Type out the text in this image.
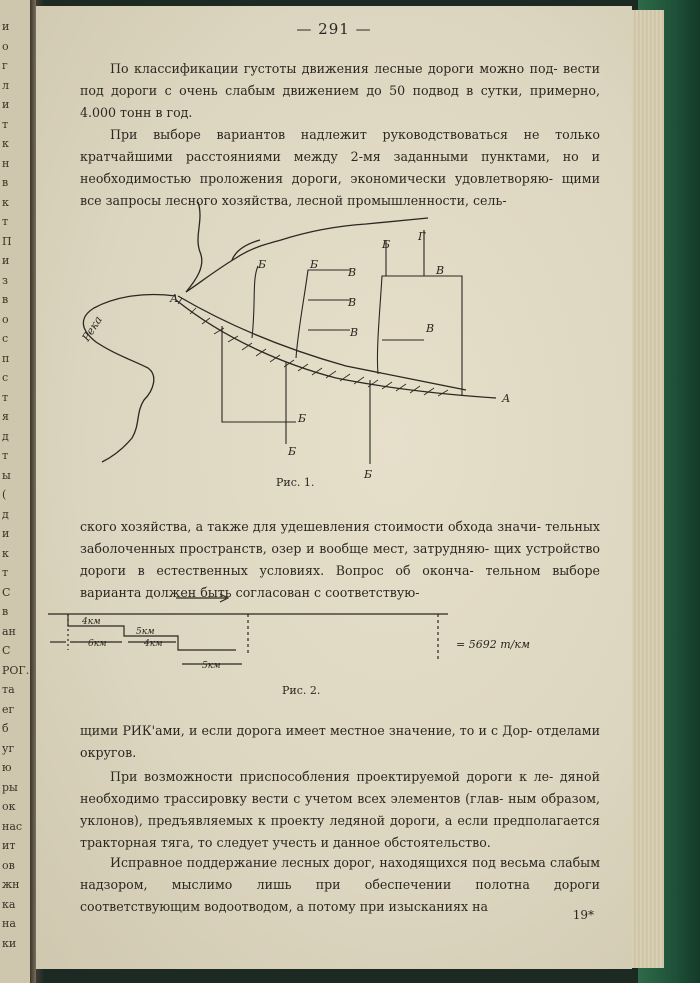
и
о
г
л
и
т
к
н
в
к
т
П
и
з
в
о
с
п
с
т
я
д
т
ы
(
д
и
к
т
С
в
ан
С
РОГ.
та
ег
б
уг
ю
ры
ок
нас
ит
ов
жн
ка
на
ки
— 291 —

По классификации густоты движения лесные дороги можно под- вести под дороги с очень слабым движением до 50 подвод в сутки, примерно, 4.000 тонн в год.

При выборе вариантов надлежит руководствоваться не только кратчайшими расстояниями между 2-мя заданными пунктами, но и необходимостью проложения дороги, экономически удовлетворяю- щими все запросы лесного хозяйства, лесной промышленности, сель-

Река
А
А
Б	Б
Б
Б
Б
Б
Г
В
В
В
В
В
Рис. 1.

ского хозяйства, а также для удешевления стоимости обхода значи- тельных заболоченных пространств, озер и вообще мест, затрудняю- щих устройство дороги в естественных условиях. Вопрос об оконча- тельном выборе варианта должен быть согласован с соответствую-

4км
5км
6км	4км
5км
= 5692 т/км
Рис. 2.

щими РИК'ами, и если дорога имеет местное значение, то и с Дор- отделами округов.

При возможности приспособления проектируемой дороги к ле- дяной необходимо трассировку вести с учетом всех элементов (глав- ным образом, уклонов), предъявляемых к проекту ледяной дороги, а если предполагается тракторная тяга, то следует учесть и данное обстоятельство.

Исправное поддержание лесных дорог, находящихся под весьма слабым надзором, мыслимо лишь при обеспечении полотна дороги соответствующим водоотводом, а потому при изысканиях на

19*
